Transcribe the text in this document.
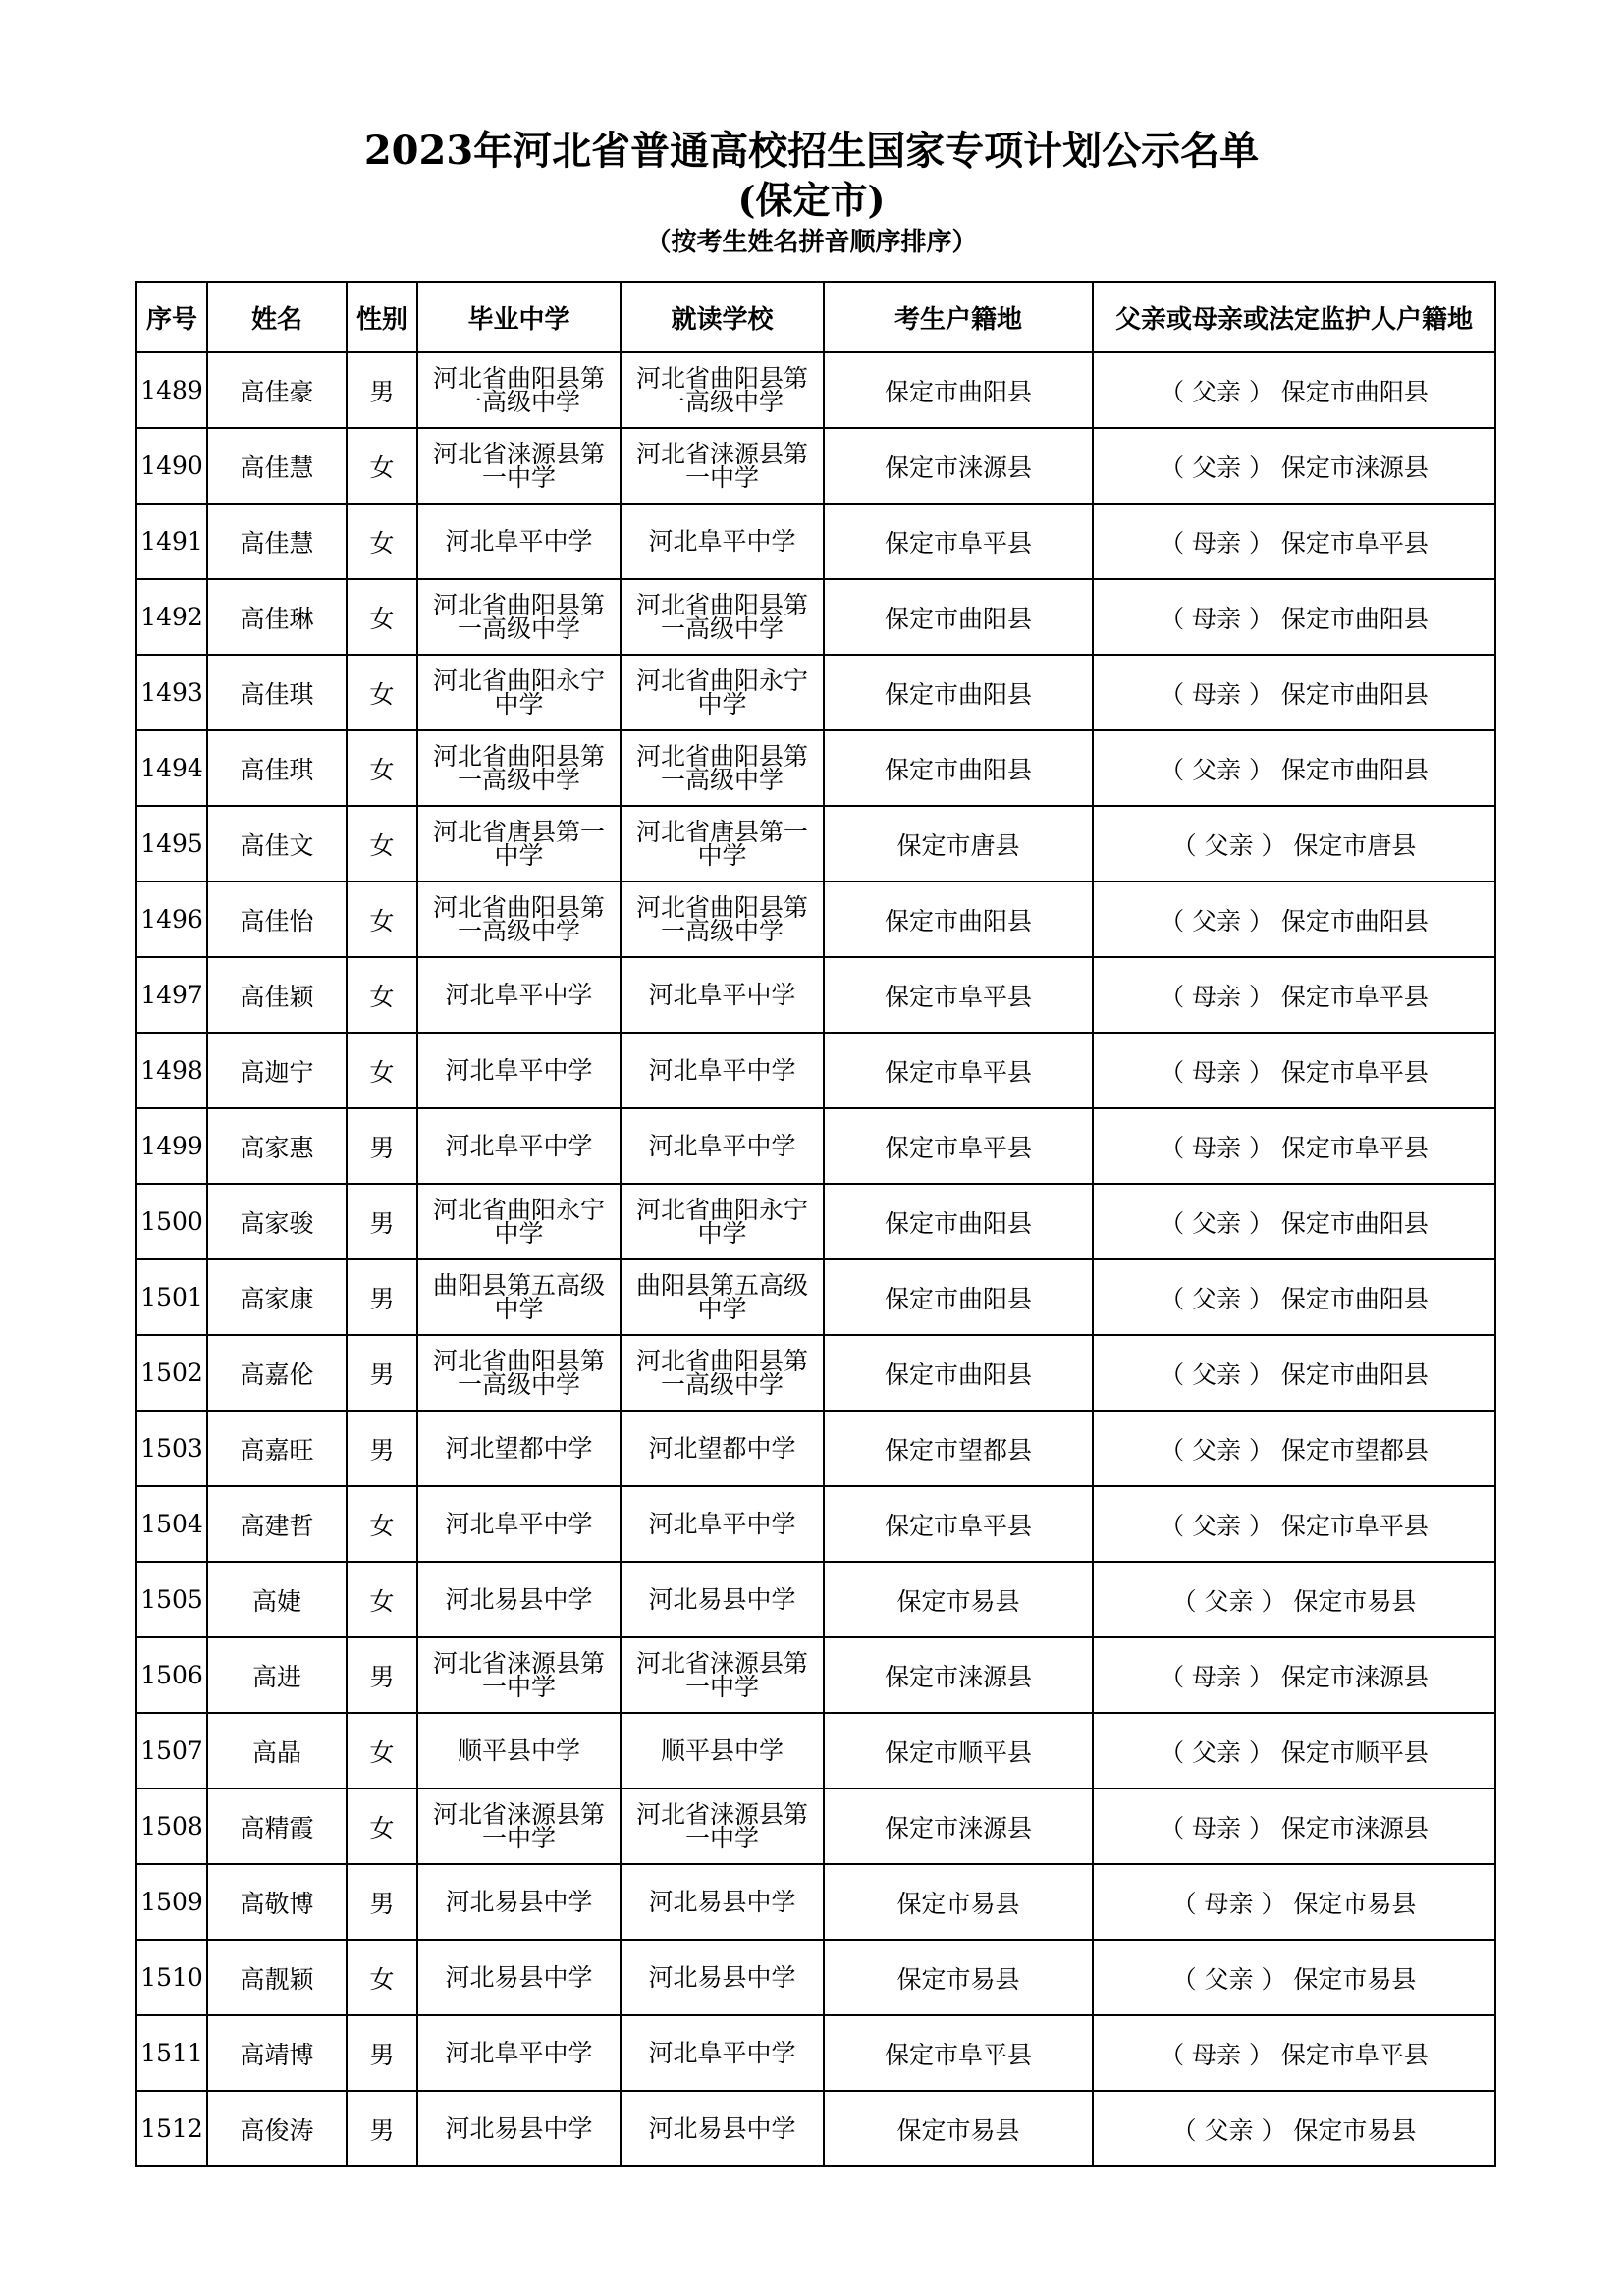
2023年河北省普通高校招生国家专项计划公示名单
(保定市)
（按考生姓名拼音顺序排序）
序号	姓名	性别	毕业中学	就读学校	考生户籍地	父亲或母亲或法定监护人户籍地
1489	高佳豪	男	河北省曲阳县第一高级中学	河北省曲阳县第一高级中学	保定市曲阳县	（ 父亲 ） 保定市曲阳县
1490	高佳慧	女	河北省涞源县第一中学	河北省涞源县第一中学	保定市涞源县	（ 父亲 ） 保定市涞源县
1491	高佳慧	女	河北阜平中学	河北阜平中学	保定市阜平县	（ 母亲 ） 保定市阜平县
1492	高佳琳	女	河北省曲阳县第一高级中学	河北省曲阳县第一高级中学	保定市曲阳县	（ 母亲 ） 保定市曲阳县
1493	高佳琪	女	河北省曲阳永宁中学	河北省曲阳永宁中学	保定市曲阳县	（ 母亲 ） 保定市曲阳县
1494	高佳琪	女	河北省曲阳县第一高级中学	河北省曲阳县第一高级中学	保定市曲阳县	（ 父亲 ） 保定市曲阳县
1495	高佳文	女	河北省唐县第一中学	河北省唐县第一中学	保定市唐县	（ 父亲 ） 保定市唐县
1496	高佳怡	女	河北省曲阳县第一高级中学	河北省曲阳县第一高级中学	保定市曲阳县	（ 父亲 ） 保定市曲阳县
1497	高佳颖	女	河北阜平中学	河北阜平中学	保定市阜平县	（ 母亲 ） 保定市阜平县
1498	高迦宁	女	河北阜平中学	河北阜平中学	保定市阜平县	（ 母亲 ） 保定市阜平县
1499	高家惠	男	河北阜平中学	河北阜平中学	保定市阜平县	（ 母亲 ） 保定市阜平县
1500	高家骏	男	河北省曲阳永宁中学	河北省曲阳永宁中学	保定市曲阳县	（ 父亲 ） 保定市曲阳县
1501	高家康	男	曲阳县第五高级中学	曲阳县第五高级中学	保定市曲阳县	（ 父亲 ） 保定市曲阳县
1502	高嘉伦	男	河北省曲阳县第一高级中学	河北省曲阳县第一高级中学	保定市曲阳县	（ 父亲 ） 保定市曲阳县
1503	高嘉旺	男	河北望都中学	河北望都中学	保定市望都县	（ 父亲 ） 保定市望都县
1504	高建哲	女	河北阜平中学	河北阜平中学	保定市阜平县	（ 父亲 ） 保定市阜平县
1505	高婕	女	河北易县中学	河北易县中学	保定市易县	（ 父亲 ） 保定市易县
1506	高进	男	河北省涞源县第一中学	河北省涞源县第一中学	保定市涞源县	（ 母亲 ） 保定市涞源县
1507	高晶	女	顺平县中学	顺平县中学	保定市顺平县	（ 父亲 ） 保定市顺平县
1508	高精霞	女	河北省涞源县第一中学	河北省涞源县第一中学	保定市涞源县	（ 母亲 ） 保定市涞源县
1509	高敬博	男	河北易县中学	河北易县中学	保定市易县	（ 母亲 ） 保定市易县
1510	高靓颖	女	河北易县中学	河北易县中学	保定市易县	（ 父亲 ） 保定市易县
1511	高靖博	男	河北阜平中学	河北阜平中学	保定市阜平县	（ 母亲 ） 保定市阜平县
1512	高俊涛	男	河北易县中学	河北易县中学	保定市易县	（ 父亲 ） 保定市易县
